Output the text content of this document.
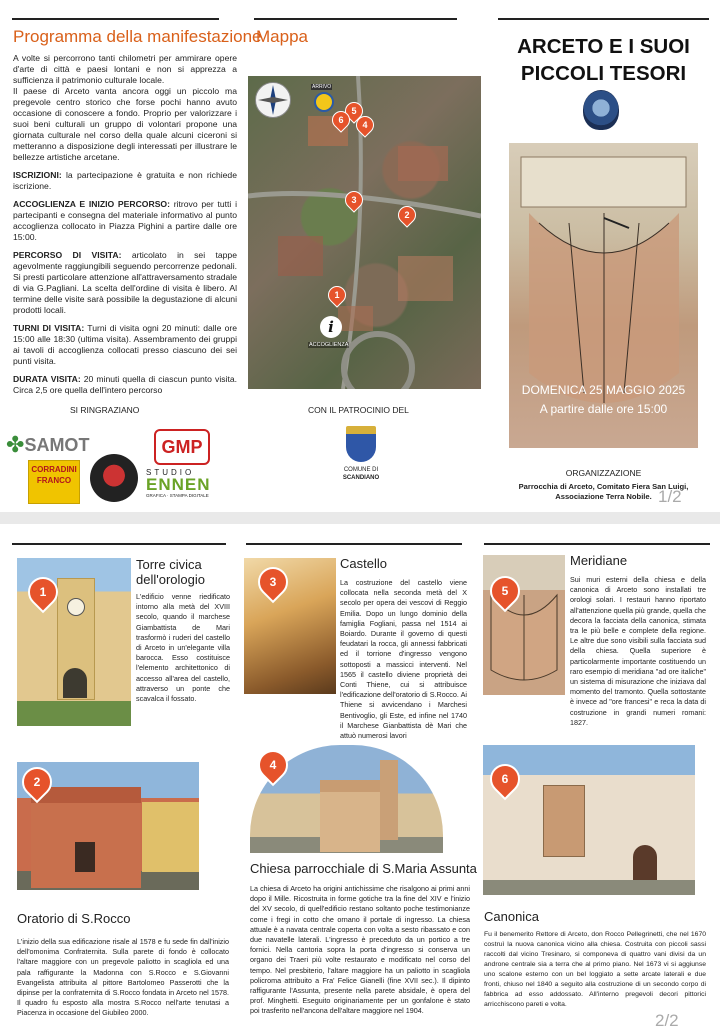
Programma della manifestazione

A volte si percorrono tanti chilometri per ammirare opere d'arte di città e paesi lontani e non si apprezza a sufficienza il patrimonio culturale locale.
Il paese di Arceto vanta ancora oggi un piccolo ma pregevole centro storico che forse pochi hanno avuto occasione di conoscere a fondo. Proprio per valorizzare i suoi beni culturali un gruppo di volontari propone una giornata culturale nel corso della quale alcuni ciceroni si metteranno a disposizione degli interessati per illustrare le bellezze artistiche arcetane.

ISCRIZIONI: la partecipazione è gratuita e non richiede iscrizione.

ACCOGLIENZA E INIZIO PERCORSO: ritrovo per tutti i partecipanti e consegna del materiale informativo al punto accoglienza collocato in Piazza Pighini a partire dalle ore 15:00.

PERCORSO DI VISITA: articolato in sei tappe agevolmente raggiungibili seguendo percorrenze pedonali. Si presti particolare attenzione all'attraversamento stradale di via G.Pagliani. La scelta dell'ordine di visita è libero. Al termine delle visite sarà possibile la degustazione di alcuni prodotti locali.

TURNI DI VISITA: Turni di visita ogni 20 minuti: dalle ore 15:00 alle 18:30 (ultima visita). Assembramento dei gruppi ai tavoli di accoglienza collocati presso ciascuno dei sei punti visita.

DURATA VISITA: 20 minuti quella di ciascun punto visita. Circa 2,5 ore quella dell'intero percorso

Mappa
ARRIVO
5
6	4
3
2
1
i
ACCOGLIENZA
ARCETO E I SUOI
PICCOLI TESORI
DOMENICA 25 MAGGIO 2025
A partire dalle ore 15:00
ORGANIZZAZIONE
Parrocchia di Arceto, Comitato Fiera San Luigi,
Associazione Terra Nobile. 1/2
SI RINGRAZIANO
✤SAMOT	GMP
CORRADINI
FRANCO
STUDIO
ENNEN
GRAFICA · STAMPA DIGITALE
CON IL PATROCINIO DEL
COMUNE DI
SCANDIANO
1
Torre civica
dell'orologio
L'edificio venne riedificato intorno alla metà del XVIII secolo, quando il marchese Giambattista de Mari trasformò i ruderi del castello di Arceto in un'elegante villa barocca. Esso costituisce l'elemento architettonico di accesso all'area del castello, attraverso un ponte che scavalca il fossato.
3
Castello
La costruzione del castello viene collocata nella seconda metà del X secolo per opera dei vescovi di Reggio Emilia. Dopo un lungo dominio della famiglia Fogliani, passa nel 1514 ai Boiardo. Durante il governo di questi feudatari la rocca, gli annessi fabbricati ed il torrione d'ingresso vengono sottoposti a massicci interventi. Nel 1565 il castello diviene proprietà dei Conti Thiene, cui si attribuisce l'edificazione dell'oratorio di S.Rocco. Ai Thiene si avvicendano i Marchesi Bentivoglio, gli Este, ed infine nel 1740 il Marchese Gianbattista dè Mari che attuò numerosi lavori
5
Meridiane
Sui muri esterni della chiesa e della canonica di Arceto sono installati tre orologi solari. I restauri hanno riportato all'attenzione quella più grande, quella che decora la facciata della canonica, stimata tra le più belle e complete della regione. Le altre due sono visibili sulla facciata sud della chiesa. Quella superiore è particolarmente importante costituendo un raro esempio di meridiana "ad ore italiche" un sistema di misurazione che iniziava dal momento del tramonto. Quella sottostante è invece ad "ore francesi" e reca la data di costruzione in grandi numeri romani: 1827.
2
Oratorio di S.Rocco
L'inizio della sua edificazione risale al 1578 e fu sede fin dall'inizio dell'omonima Confraternita. Sulla parete di fondo è collocato l'altare maggiore con un pregevole paliotto in scagliola ed una pala raffigurante la Madonna con S.Rocco e S.Giovanni Evangelista attribuita al pittore Bartolomeo Passerotti che la dipinse per la confraternita di S.Rocco fondata in Arceto nel 1578. Il quadro fu esposto alla mostra S.Rocco nell'arte tenutasi a Piacenza in occasione del Giubileo 2000.
4
Chiesa parrocchiale di S.Maria Assunta
La chiesa di Arceto ha origini antichissime che risalgono ai primi anni dopo il Mille. Ricostruita in forme gotiche tra la fine del XIV e l'inizio del XV secolo, di quell'edificio restano soltanto poche testimonianze come i fregi in cotto che ornano il portale di ingresso. La chiesa attuale è a navata centrale coperta con volta a sesto ribassato e con due navatelle laterali. L'ingresso è preceduto da un portico a tre fornici. Nella cantoria sopra la porta d'ingresso si conserva un organo dei Traeri più volte restaurato e modificato nel corso del tempo. Nel presbiterio, l'altare maggiore ha un paliotto in scagliola policroma attribuito a Fra' Felice Gianelli (fine XVII sec.). Il dipinto raffigurante l'Assunta, presente nella parete absidale, è opera del prof. Minghetti. Eseguito originariamente per un gonfalone è stato poi trasferito nell'ancona dell'altare maggiore nel 1904.
6
Canonica
Fu il benemerito Rettore di Arceto, don Rocco Pellegrinetti, che nel 1670 costruì la nuova canonica vicino alla chiesa. Costruita con piccoli sassi raccolti dal vicino Tresinaro, si componeva di quattro vani divisi da un androne centrale sia a terra che al primo piano. Nel 1673 vi si aggiunse uno scalone esterno con un bel loggiato a sette arcate laterali e due fronti, chiuso nel 1840 a seguito alla costruzione di un secondo corpo di fabbrica ad esso addossato. All'interno pregevoli decori pittorici arricchiscono pareti e volta.
2/2
